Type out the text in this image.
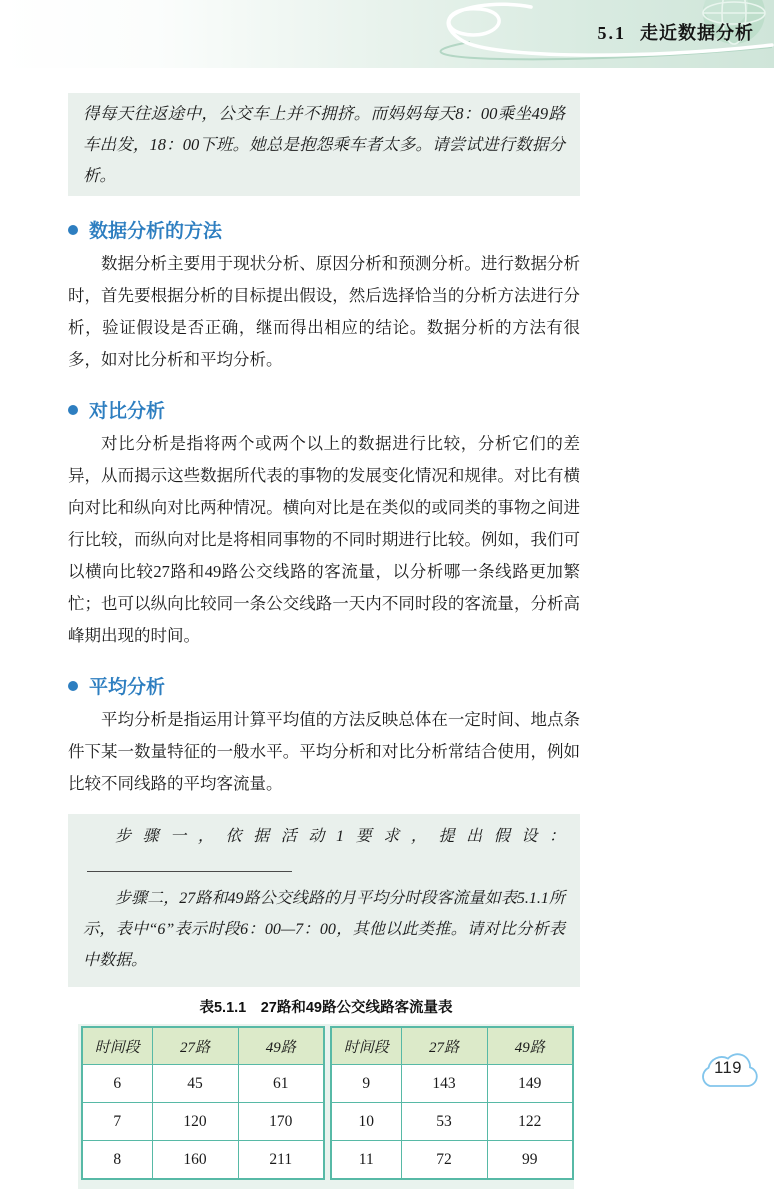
5.1 走近数据分析
得每天往返途中，公交车上并不拥挤。而妈妈每天8：00乘坐49路车出发，18：00下班。她总是抱怨乘车者太多。请尝试进行数据分析。
数据分析的方法

数据分析主要用于现状分析、原因分析和预测分析。进行数据分析时，首先要根据分析的目标提出假设，然后选择恰当的分析方法进行分析，验证假设是否正确，继而得出相应的结论。数据分析的方法有很多，如对比分析和平均分析。

对比分析

对比分析是指将两个或两个以上的数据进行比较，分析它们的差异，从而揭示这些数据所代表的事物的发展变化情况和规律。对比有横向对比和纵向对比两种情况。横向对比是在类似的或同类的事物之间进行比较，而纵向对比是将相同事物的不同时期进行比较。例如，我们可以横向比较27路和49路公交线路的客流量，以分析哪一条线路更加繁忙；也可以纵向比较同一条公交线路一天内不同时段的客流量，分析高峰期出现的时间。

平均分析

平均分析是指运用计算平均值的方法反映总体在一定时间、地点条件下某一数量特征的一般水平。平均分析和对比分析常结合使用，例如比较不同线路的平均客流量。

步骤一，依据活动1要求，提出假设：

步骤二，27路和49路公交线路的月平均分时段客流量如表5.1.1所示，表中“6”表示时段6：00—7：00，其他以此类推。请对比分析表中数据。

表5.1.1　27路和49路公交线路客流量表
时间段	27路	49路
6	45	61
7	120	170
8	160	211
时间段	27路	49路
9	143	149
10	53	122
11	72	99
119
